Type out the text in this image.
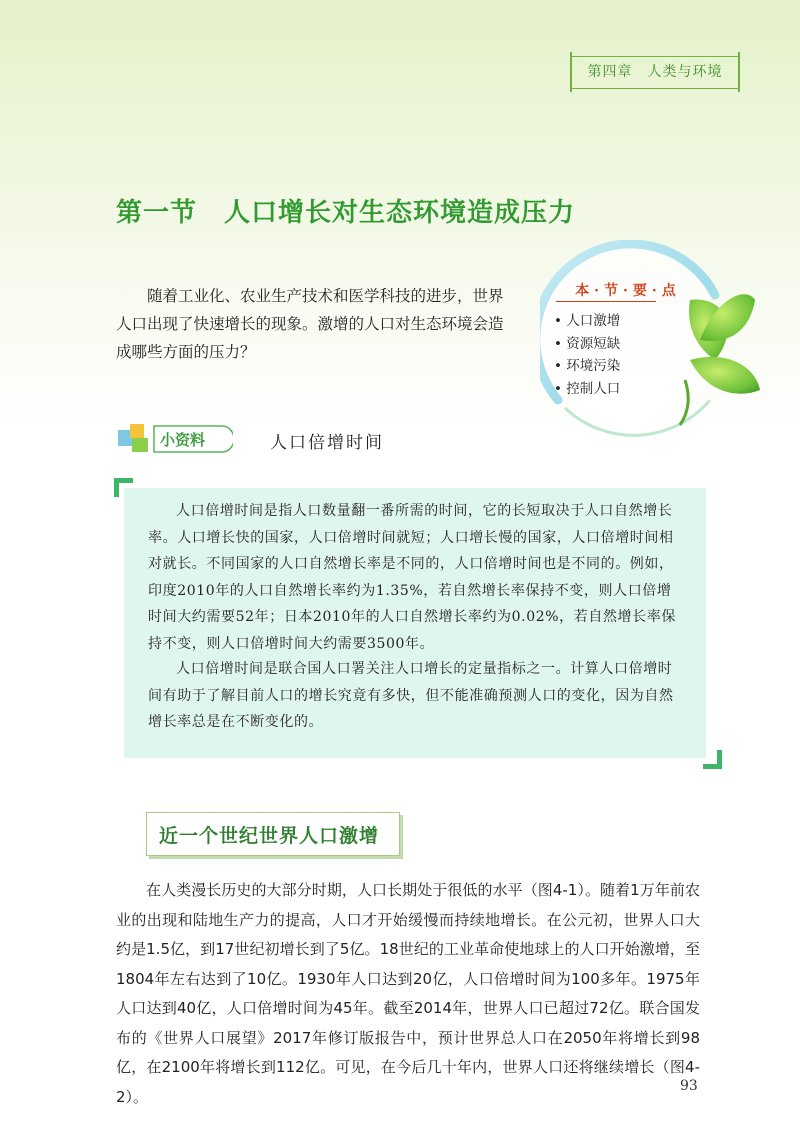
第四章　人类与环境
第一节　人口增长对生态环境造成压力
随着工业化、农业生产技术和医学科技的进步，世界人口出现了快速增长的现象。激增的人口对生态环境会造成哪些方面的压力？
本·节·要·点
• 人口激增
• 资源短缺
• 环境污染
• 控制人口
小资料	人口倍增时间

人口倍增时间是指人口数量翻一番所需的时间，它的长短取决于人口自然增长率。人口增长快的国家，人口倍增时间就短；人口增长慢的国家，人口倍增时间相对就长。不同国家的人口自然增长率是不同的，人口倍增时间也是不同的。例如，印度2010年的人口自然增长率约为1.35%，若自然增长率保持不变，则人口倍增时间大约需要52年；日本2010年的人口自然增长率约为0.02%，若自然增长率保持不变，则人口倍增时间大约需要3500年。

人口倍增时间是联合国人口署关注人口增长的定量指标之一。计算人口倍增时间有助于了解目前人口的增长究竟有多快，但不能准确预测人口的变化，因为自然增长率总是在不断变化的。

近一个世纪世界人口激增
在人类漫长历史的大部分时期，人口长期处于很低的水平（图4-1）。随着1万年前农业的出现和陆地生产力的提高，人口才开始缓慢而持续地增长。在公元初，世界人口大约是1.5亿，到17世纪初增长到了5亿。18世纪的工业革命使地球上的人口开始激增，至1804年左右达到了10亿。1930年人口达到20亿，人口倍增时间为100多年。1975年人口达到40亿，人口倍增时间为45年。截至2014年，世界人口已超过72亿。联合国发布的《世界人口展望》2017年修订版报告中，预计世界总人口在2050年将增长到98亿，在2100年将增长到112亿。可见，在今后几十年内，世界人口还将继续增长（图4-2）。
93
